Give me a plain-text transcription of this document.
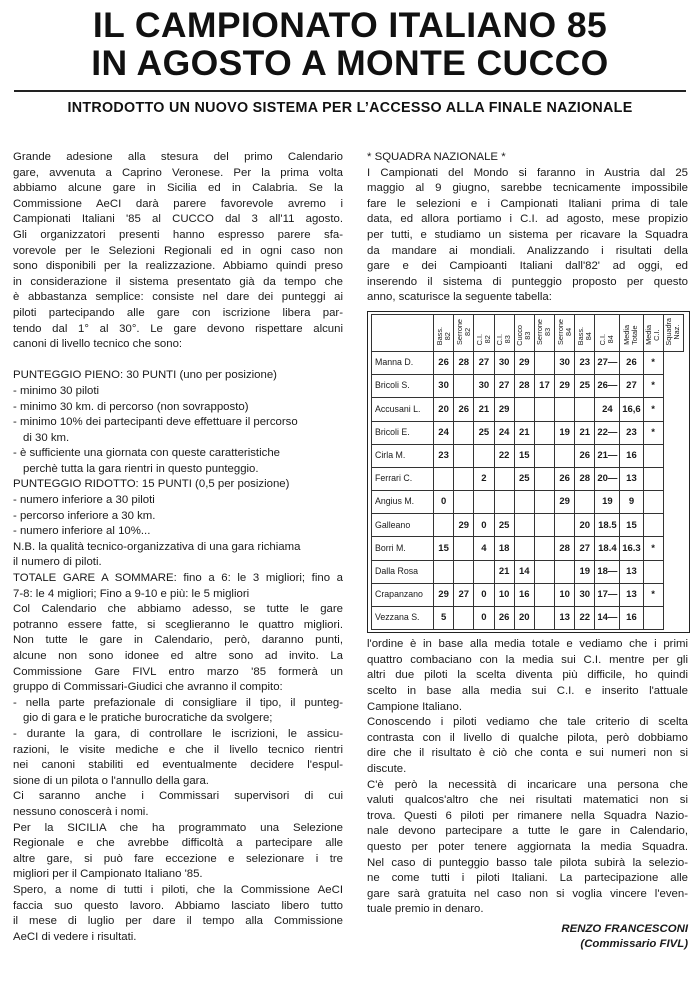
IL CAMPIONATO ITALIANO 85
IN AGOSTO A MONTE CUCCO
INTRODOTTO UN NUOVO SISTEMA PER L’ACCESSO ALLA FINALE NAZIONALE

Grande adesione alla stesura del primo Calendario

gare, avvenuta a Caprino Veronese. Per la prima volta

abbiamo alcune gare in Sicilia ed in Calabria. Se la

Commissione AeCI darà parere favorevole avremo i

Campionati Italiani '85 al CUCCO dal 3 all'11 agosto.

Gli organizzatori presenti hanno espresso parere sfa-

vorevole per le Selezioni Regionali ed in ogni caso non

sono disponibili per la realizzazione. Abbiamo quindi preso

in considerazione il sistema presentato già da tempo che

è abbastanza semplice: consiste nel dare dei punteggi ai

piloti partecipando alle gare con iscrizione libera par-

tendo dal 1° al 30°. Le gare devono rispettare alcuni

canoni di livello tecnico che sono:

PUNTEGGIO PIENO: 30 PUNTI (uno per posizione)

- minimo 30 piloti

- minimo 30 km. di percorso (non sovrapposto)

- minimo 10% dei partecipanti deve effettuare il percorso

di 30 km.

- è sufficiente una giornata con queste caratteristiche

perchè tutta la gara rientri in questo punteggio.

PUNTEGGIO RIDOTTO: 15 PUNTI (0,5 per posizione)

- numero inferiore a 30 piloti

- percorso inferiore a 30 km.

- numero inferiore al 10%...

N.B. la qualità tecnico-organizzativa di una gara richiama

il numero di piloti.

TOTALE GARE A SOMMARE: fino a 6: le 3 migliori; fino a

7-8: le 4 migliori; Fino a 9-10 e più: le 5 migliori

Col Calendario che abbiamo adesso, se tutte le gare

potranno essere fatte, si sceglieranno le quattro migliori.

Non tutte le gare in Calendario, però, daranno punti,

alcune non sono idonee ed altre sono ad invito. La

Commissione Gare FIVL entro marzo '85 formerà un

gruppo di Commissari-Giudici che avranno il compito:

- nella parte prefazionale di consigliare il tipo, il punteg-

gio di gara e le pratiche burocratiche da svolgere;

- durante la gara, di controllare le iscrizioni, le assicu-

razioni, le visite mediche e che il livello tecnico rientri

nei canoni stabiliti ed eventualmente decidere l'espul-

sione di un pilota o l'annullo della gara.

Ci saranno anche i Commissari supervisori di cui

nessuno conoscerà i nomi.

Per la SICILIA che ha programmato una Selezione

Regionale e che avrebbe difficoltà a partecipare alle

altre gare, si può fare eccezione e selezionare i tre

migliori per il Campionato Italiano '85.

Spero, a nome di tutti i piloti, che la Commissione AeCI

faccia suo questo lavoro. Abbiamo lasciato libero tutto

il mese di luglio per dare il tempo alla Commissione

AeCI di vedere i risultati.

* SQUADRA NAZIONALE *

I Campionati del Mondo si faranno in Austria dal 25

maggio al 9 giugno, sarebbe tecnicamente impossibile

fare le selezioni e i Campionati Italiani prima di tale

data, ed allora portiamo i C.I. ad agosto, mese propizio

per tutti, e studiamo un sistema per ricavare la Squadra

da mandare ai mondiali. Analizzando i risultati della

gare e dei Campioanti Italiani dall'82' ad oggi, ed

inserendo il sistema di punteggio proposto per questo

anno, scaturisce la seguente tabella:

	Bass.
82	Serrone
82	C.I.
82	C.I.
83	Cucco
83	Serrone
83	Serrone
84	Bass.
84	C.I.
84	Media
Totale	Media
C.I.	Squadra
Naz.
Manna D.	26	28	27	30	29		30	23	27—	26	*	
Bricoli S.	30		30	27	28	17	29	25	26—	27	*	
Accusani L.	20	26	21	29					24	16,6	*	
Bricoli E.	24		25	24	21		19	21	22—	23	*	
Cirla M.	23			22	15			26	21—	16		
Ferrari C.			2		25		26	28	20—	13		
Angius M.	0						29		19	9		
Galleano		29	0	25				20	18.5	15		
Borri M.	15		4	18			28	27	18.4	16.3	*	
Dalla Rosa				21	14			19	18—	13		
Crapanzano	29	27	0	10	16		10	30	17—	13	*	
Vezzana S.	5		0	26	20		13	22	14—	16		

l'ordine è in base alla media totale e vediamo che i primi

quattro combaciano con la media sui C.I. mentre per gli

altri due piloti la scelta diventa più difficile, ho quindi

scelto in base alla media sui C.I. e inserito l'attuale

Campione Italiano.

Conoscendo i piloti vediamo che tale criterio di scelta

contrasta con il livello di qualche pilota, però dobbiamo

dire che il risultato è ciò che conta e sui numeri non si

discute.

C'è però la necessità di incaricare una persona che

valuti qualcos'altro che nei risultati matematici non si

trova. Questi 6 piloti per rimanere nella Squadra Nazio-

nale devono partecipare a tutte le gare in Calendario,

questo per poter tenere aggiornata la media Squadra.

Nel caso di punteggio basso tale pilota subirà la selezio-

ne come tutti i piloti Italiani. La partecipazione alle

gare sarà gratuita nel caso non si voglia vincere l'even-

tuale premio in denaro.

RENZO FRANCESCONI
(Commissario FIVL)
